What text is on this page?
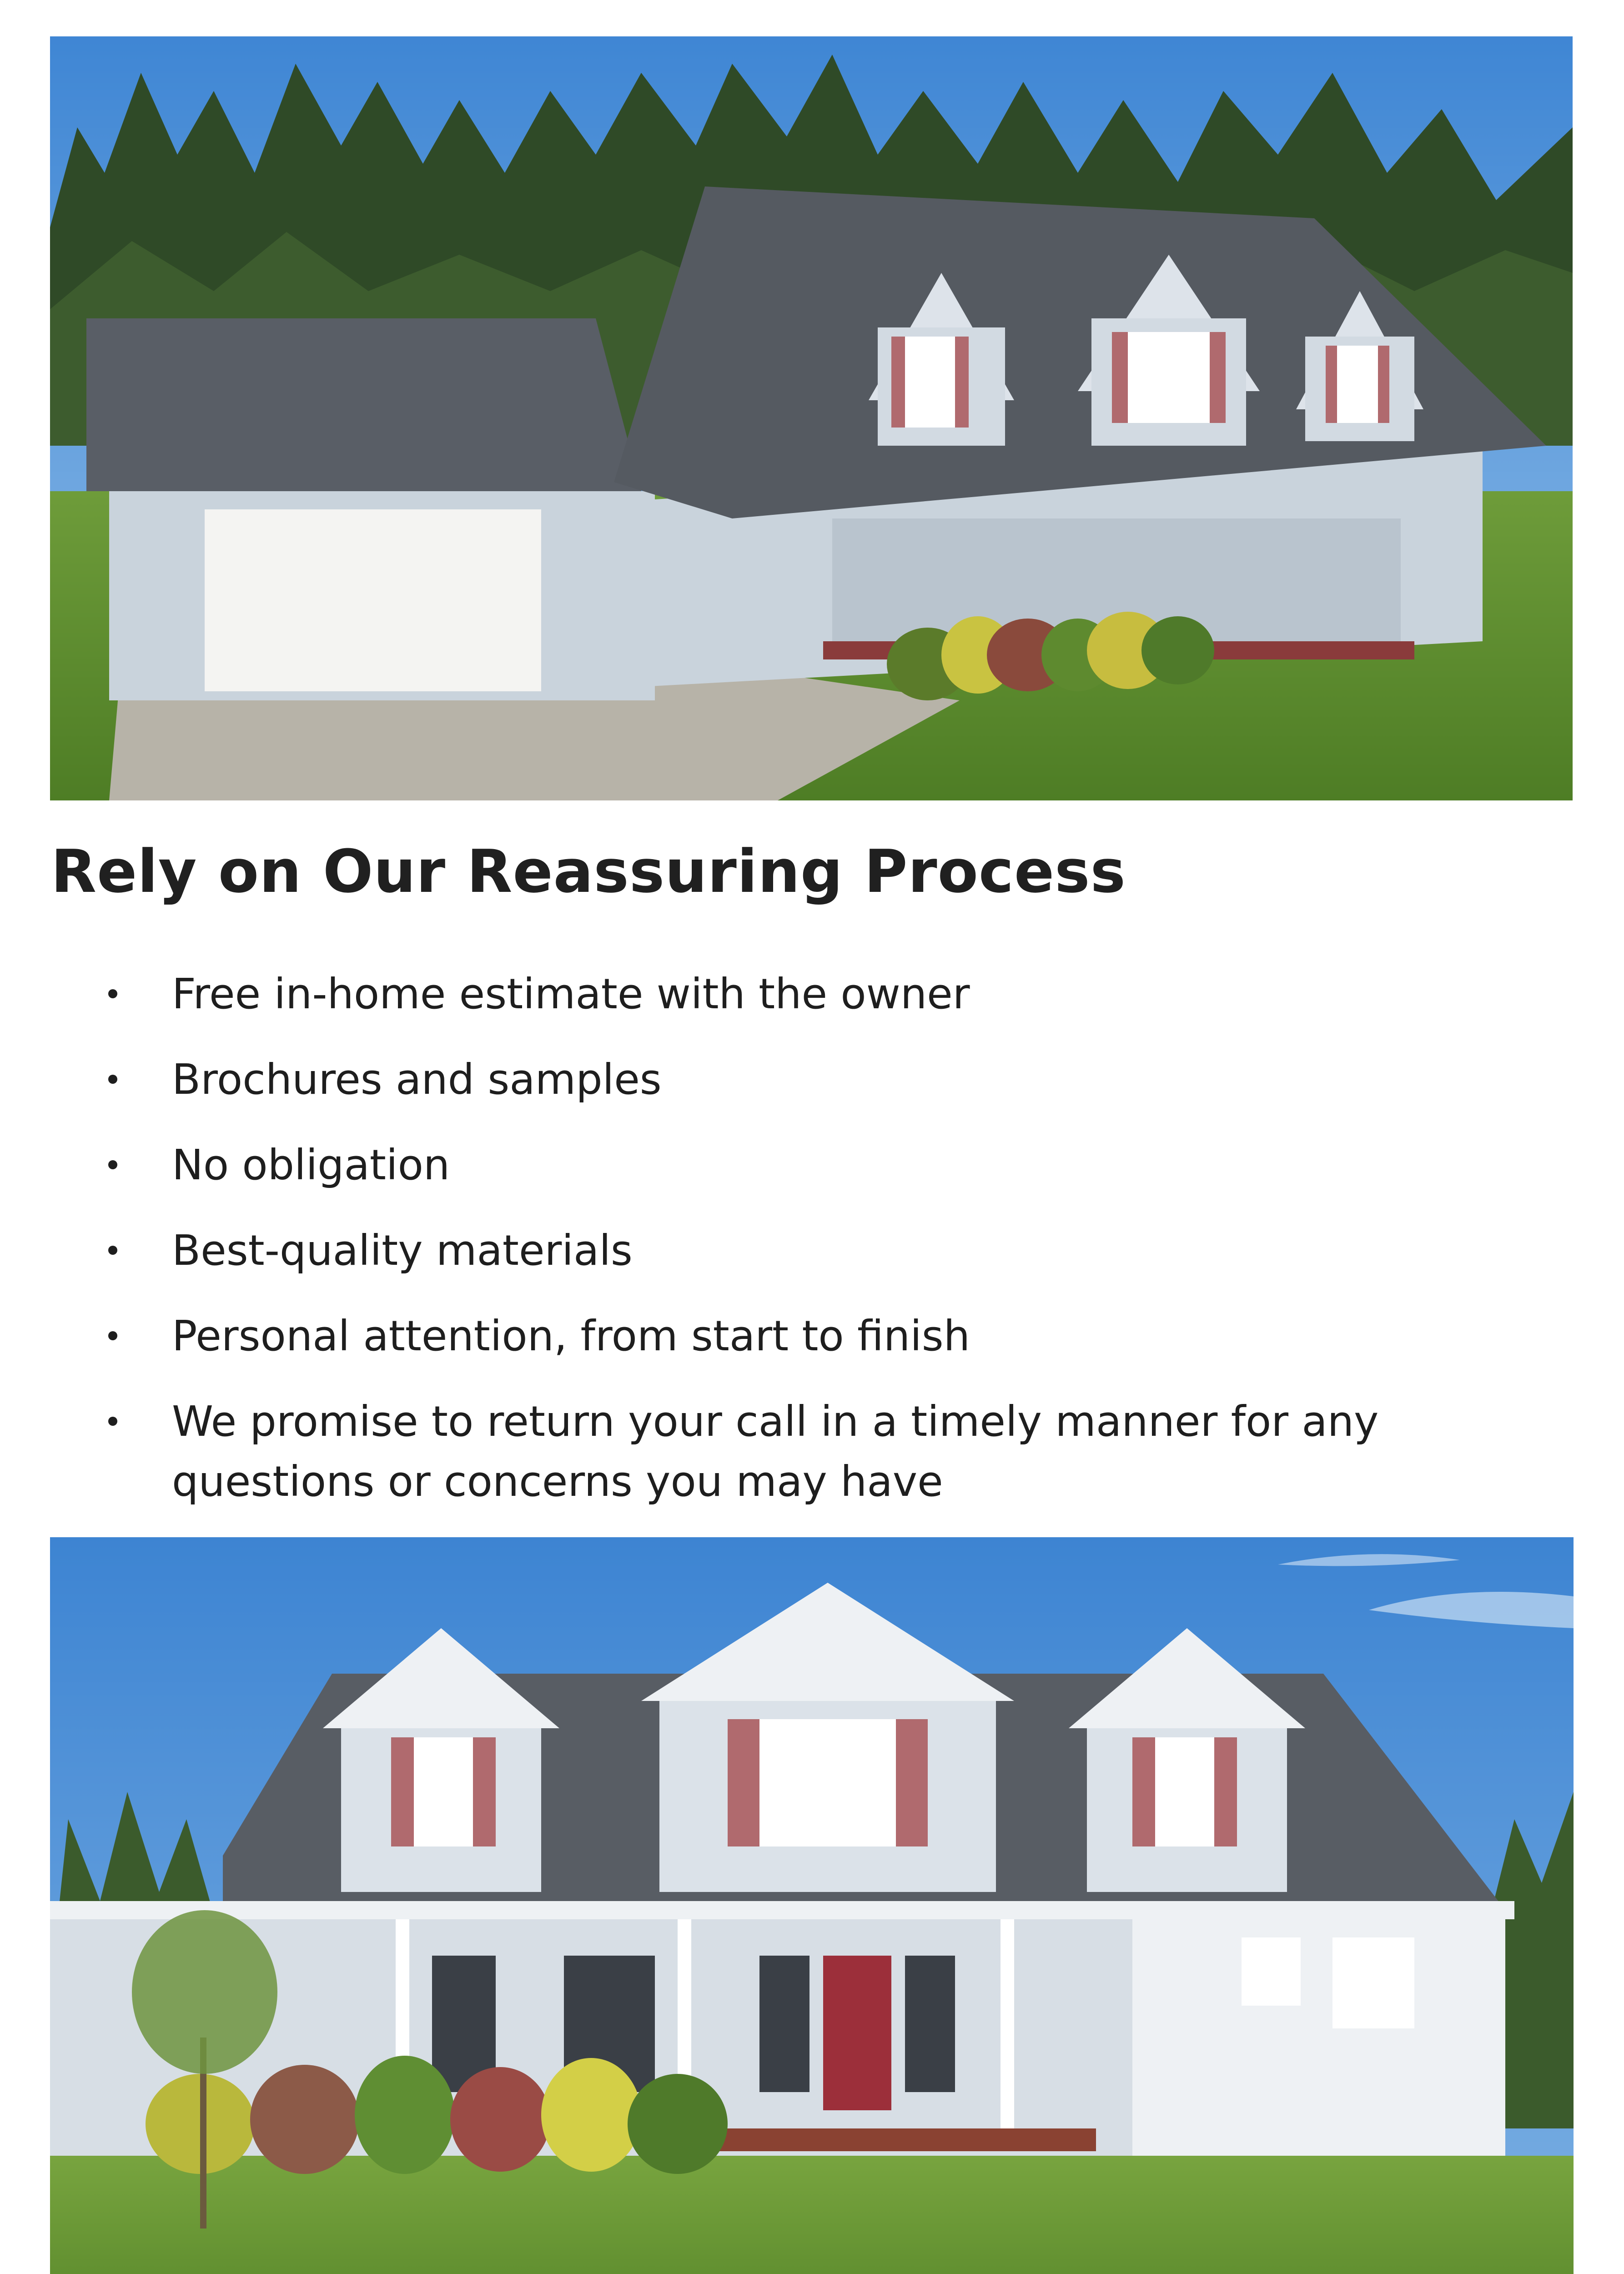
Rely on Our Reassuring Process
Free in-home estimate with the owner
Brochures and samples
No obligation
Best-quality materials
Personal attention, from start to finish
We promise to return your call in a timely manner for any questions or concerns you may have
